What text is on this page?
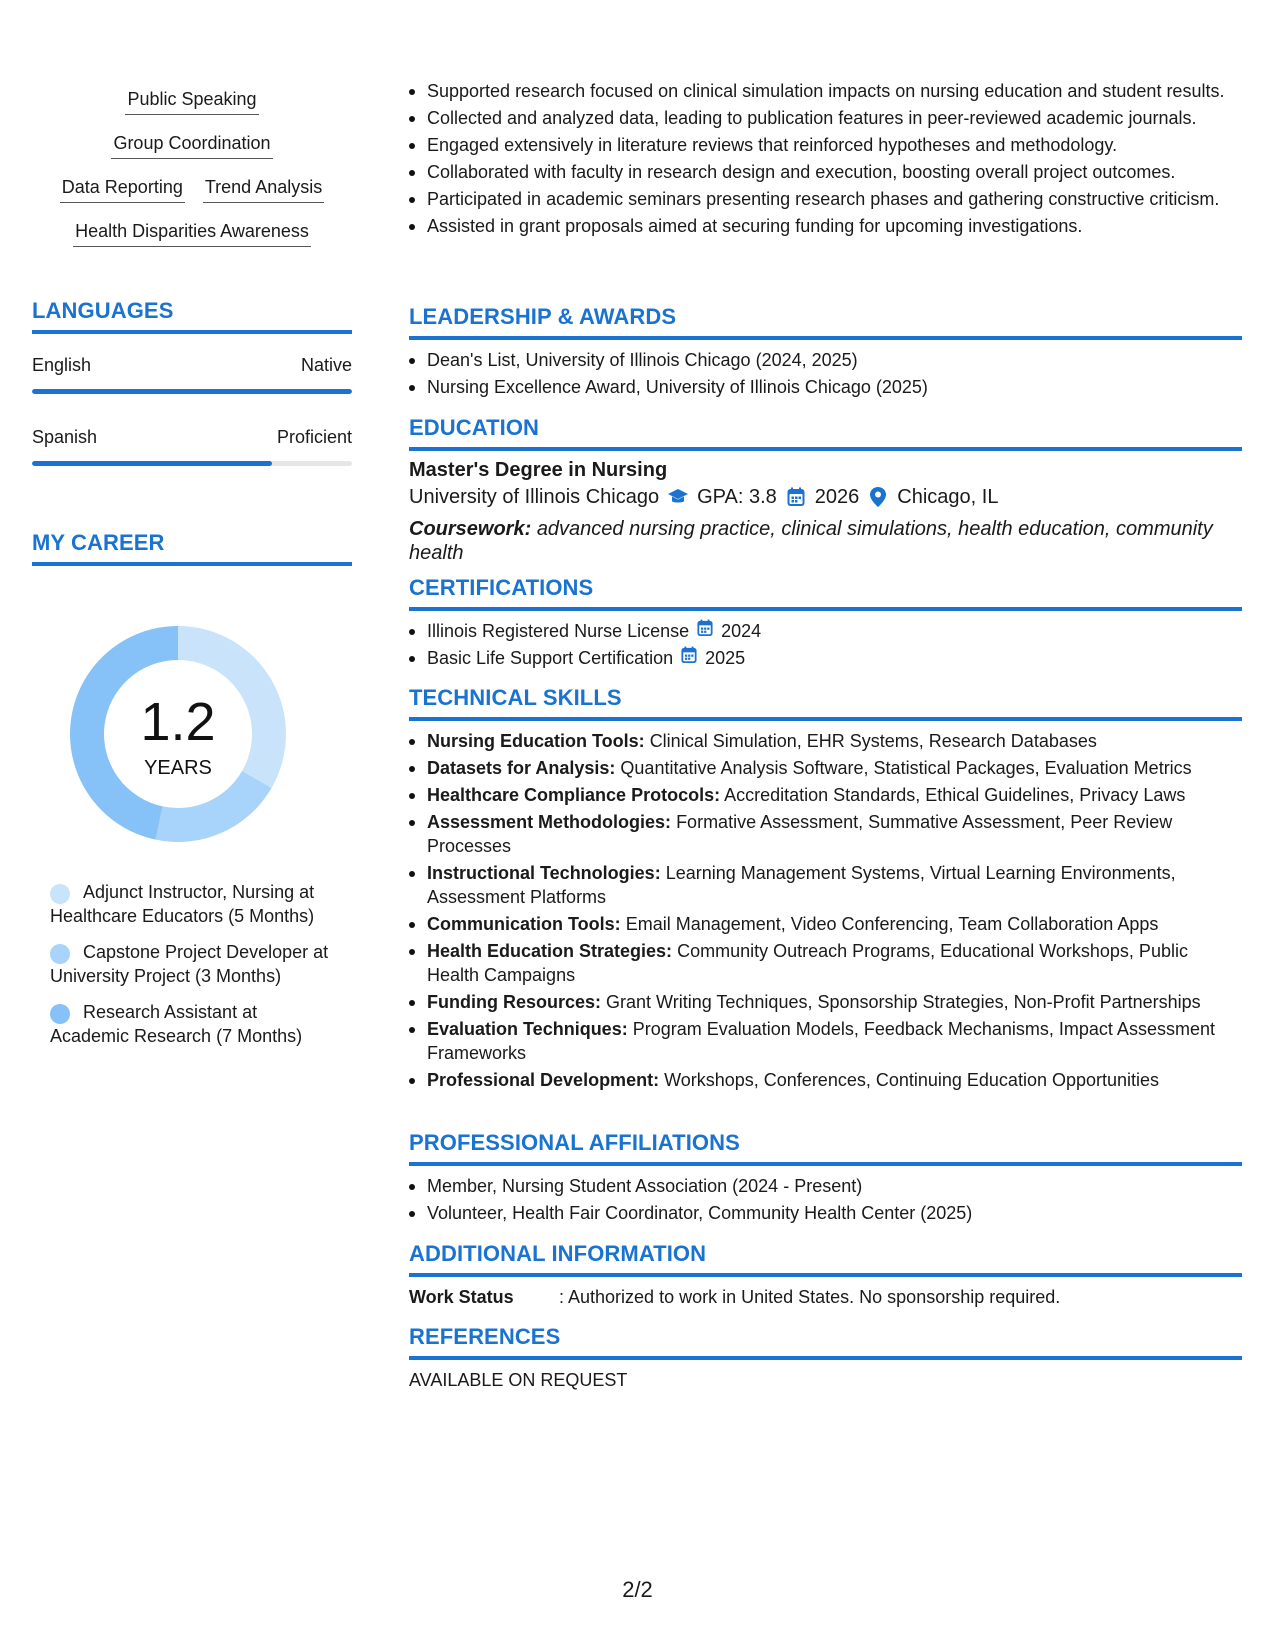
Public Speaking
Group Coordination
Data Reporting Trend Analysis
Health Disparities Awareness
LANGUAGES
English	Native
Spanish	Proficient
MY CAREER
1.2
YEARS
Adjunct Instructor, Nursing at Healthcare Educators (5 Months)
Capstone Project Developer at University Project (3 Months)
Research Assistant at Academic Research (7 Months)
Supported research focused on clinical simulation impacts on nursing education and student results.
Collected and analyzed data, leading to publication features in peer-reviewed academic journals.
Engaged extensively in literature reviews that reinforced hypotheses and methodology.
Collaborated with faculty in research design and execution, boosting overall project outcomes.
Participated in academic seminars presenting research phases and gathering constructive criticism.
Assisted in grant proposals aimed at securing funding for upcoming investigations.
LEADERSHIP & AWARDS
Dean's List, University of Illinois Chicago (2024, 2025)
Nursing Excellence Award, University of Illinois Chicago (2025)
EDUCATION
Master's Degree in Nursing
University of Illinois Chicago GPA: 3.8 2026 Chicago, IL
Coursework: advanced nursing practice, clinical simulations, health education, community health
CERTIFICATIONS
Illinois Registered Nurse License 2024
Basic Life Support Certification 2025
TECHNICAL SKILLS
Nursing Education Tools: Clinical Simulation, EHR Systems, Research Databases
Datasets for Analysis: Quantitative Analysis Software, Statistical Packages, Evaluation Metrics
Healthcare Compliance Protocols: Accreditation Standards, Ethical Guidelines, Privacy Laws
Assessment Methodologies: Formative Assessment, Summative Assessment, Peer Review Processes
Instructional Technologies: Learning Management Systems, Virtual Learning Environments, Assessment Platforms
Communication Tools: Email Management, Video Conferencing, Team Collaboration Apps
Health Education Strategies: Community Outreach Programs, Educational Workshops, Public Health Campaigns
Funding Resources: Grant Writing Techniques, Sponsorship Strategies, Non-Profit Partnerships
Evaluation Techniques: Program Evaluation Models, Feedback Mechanisms, Impact Assessment Frameworks
Professional Development: Workshops, Conferences, Continuing Education Opportunities
PROFESSIONAL AFFILIATIONS
Member, Nursing Student Association (2024 - Present)
Volunteer, Health Fair Coordinator, Community Health Center (2025)
ADDITIONAL INFORMATION
Work Status	: Authorized to work in United States. No sponsorship required.
REFERENCES
AVAILABLE ON REQUEST
2/2
